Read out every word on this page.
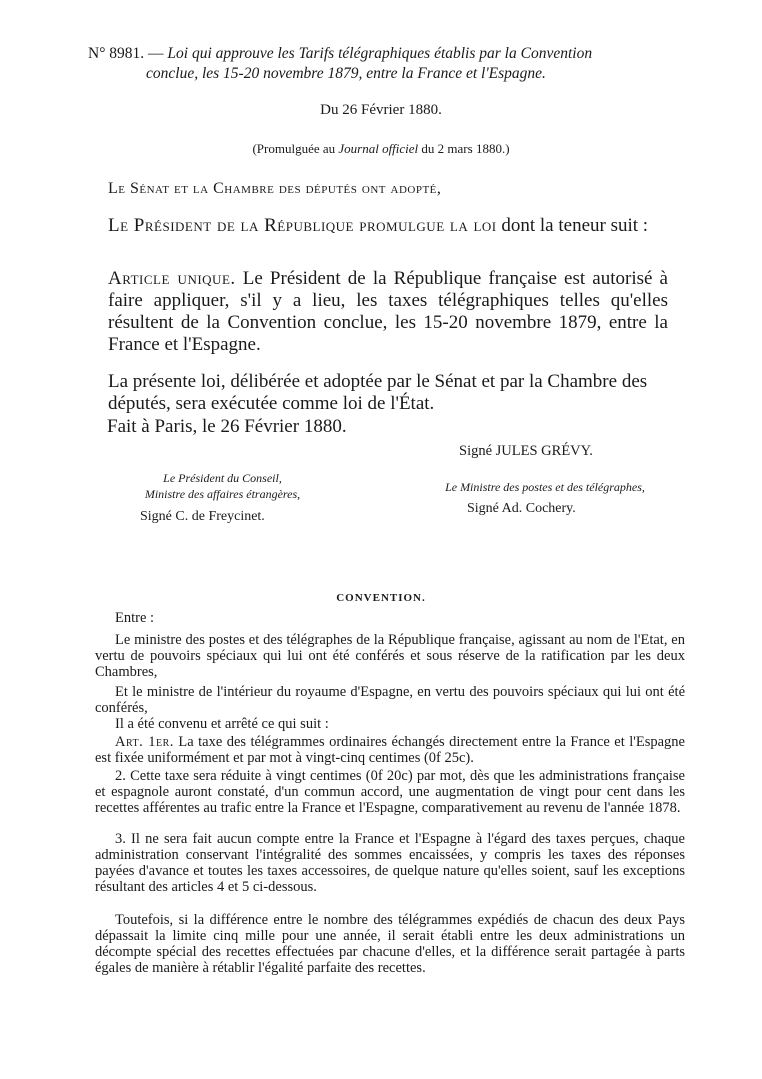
N° 8981. — Loi qui approuve les Tarifs télégraphiques établis par la Convention
conclue, les 15-20 novembre 1879, entre la France et l'Espagne.
Du 26 Février 1880.
(Promulguée au Journal officiel du 2 mars 1880.)
Le Sénat et la Chambre des députés ont adopté,
Le Président de la République promulgue la loi dont la teneur suit :
Article unique. Le Président de la République française est autorisé à faire appliquer, s'il y a lieu, les taxes télégraphiques telles qu'elles résultent de la Convention conclue, les 15-20 novembre 1879, entre la France et l'Espagne.
La présente loi, délibérée et adoptée par le Sénat et par la Chambre des députés, sera exécutée comme loi de l'État.
Fait à Paris, le 26 Février 1880.
Signé JULES GRÉVY.
Le Président du Conseil,
Ministre des affaires étrangères,
Signé C. de Freycinet.
Le Ministre des postes et des télégraphes,
Signé Ad. Cochery.
CONVENTION.

Entre :

Le ministre des postes et des télégraphes de la République française, agissant au nom de l'Etat, en vertu de pouvoirs spéciaux qui lui ont été conférés et sous réserve de la ratification par les deux Chambres,

Et le ministre de l'intérieur du royaume d'Espagne, en vertu des pouvoirs spéciaux qui lui ont été conférés,

Il a été convenu et arrêté ce qui suit :

Art. 1er. La taxe des télégrammes ordinaires échangés directement entre la France et l'Espagne est fixée uniformément et par mot à vingt-cinq centimes (0f 25c).

2. Cette taxe sera réduite à vingt centimes (0f 20c) par mot, dès que les administrations française et espagnole auront constaté, d'un commun accord, une augmentation de vingt pour cent dans les recettes afférentes au trafic entre la France et l'Espagne, comparativement au revenu de l'année 1878.

3. Il ne sera fait aucun compte entre la France et l'Espagne à l'égard des taxes perçues, chaque administration conservant l'intégralité des sommes encaissées, y compris les taxes des réponses payées d'avance et toutes les taxes accessoires, de quelque nature qu'elles soient, sauf les exceptions résultant des articles 4 et 5 ci-dessous.

Toutefois, si la différence entre le nombre des télégrammes expédiés de chacun des deux Pays dépassait la limite cinq mille pour une année, il serait établi entre les deux administrations un décompte spécial des recettes effectuées par chacune d'elles, et la différence serait partagée à parts égales de manière à rétablir l'égalité parfaite des recettes.
